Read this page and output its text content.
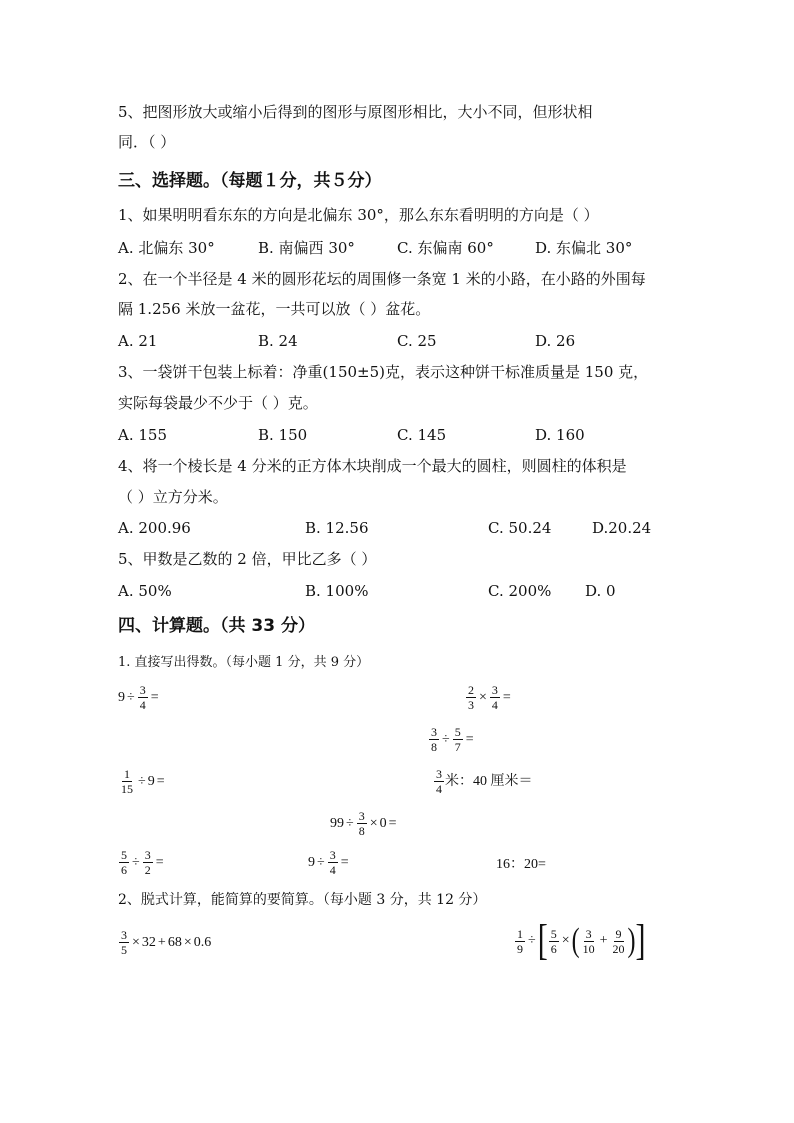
5、把图形放大或缩小后得到的图形与原图形相比，大小不同，但形状相
同．（ ）
三、选择题。（每题１分，共５分）
1、如果明明看东东的方向是北偏东 30°，那么东东看明明的方向是（ ）
A. 北偏东 30°	B. 南偏西 30°	C. 东偏南 60°	D. 东偏北 30°
2、在一个半径是 4 米的圆形花坛的周围修一条宽 1 米的小路，在小路的外围每
隔 1.256 米放一盆花，一共可以放（ ）盆花。
A. 21	B. 24	C. 25	D. 26
3、一袋饼干包装上标着：净重(150±5)克，表示这种饼干标准质量是 150 克，
实际每袋最少不少于（ ）克。
A. 155	B. 150	C. 145	D. 160
4、将一个棱长是 4 分米的正方体木块削成一个最大的圆柱，则圆柱的体积是
（ ）立方分米。
A. 200.96	B. 12.56	C. 50.24	D.20.24
5、甲数是乙数的 2 倍，甲比乙多（ ）
A. 50%	B. 100%	C. 200% D. 0
四、计算题。（共 33 分）
1. 直接写出得数。（每小题 1 分，共 9 分）
$9 \div \frac{3}{4}$ =	$\frac{2}{3} \times \frac{3}{4}$ =
$\frac{3}{8} \div \frac{5}{7}$ =
$\frac{1}{15} \div 9$ =	3
4
米：40 厘米＝
$99 \div \frac{3}{8} \times 0$ =
$\frac{5}{6} \div \frac{3}{2}$ =	$9 \div \frac{3}{4}$ =	16：20=
2、脱式计算，能简算的要简算。（每小题 3 分，共 12 分）
$\frac{3}{5} \times 32 + 68 \times 0.6$	$\frac{1}{9}$ ÷ [ $\frac{5}{6}$ × ( 3
10
+ $\frac{9}{20}$ ) ]
